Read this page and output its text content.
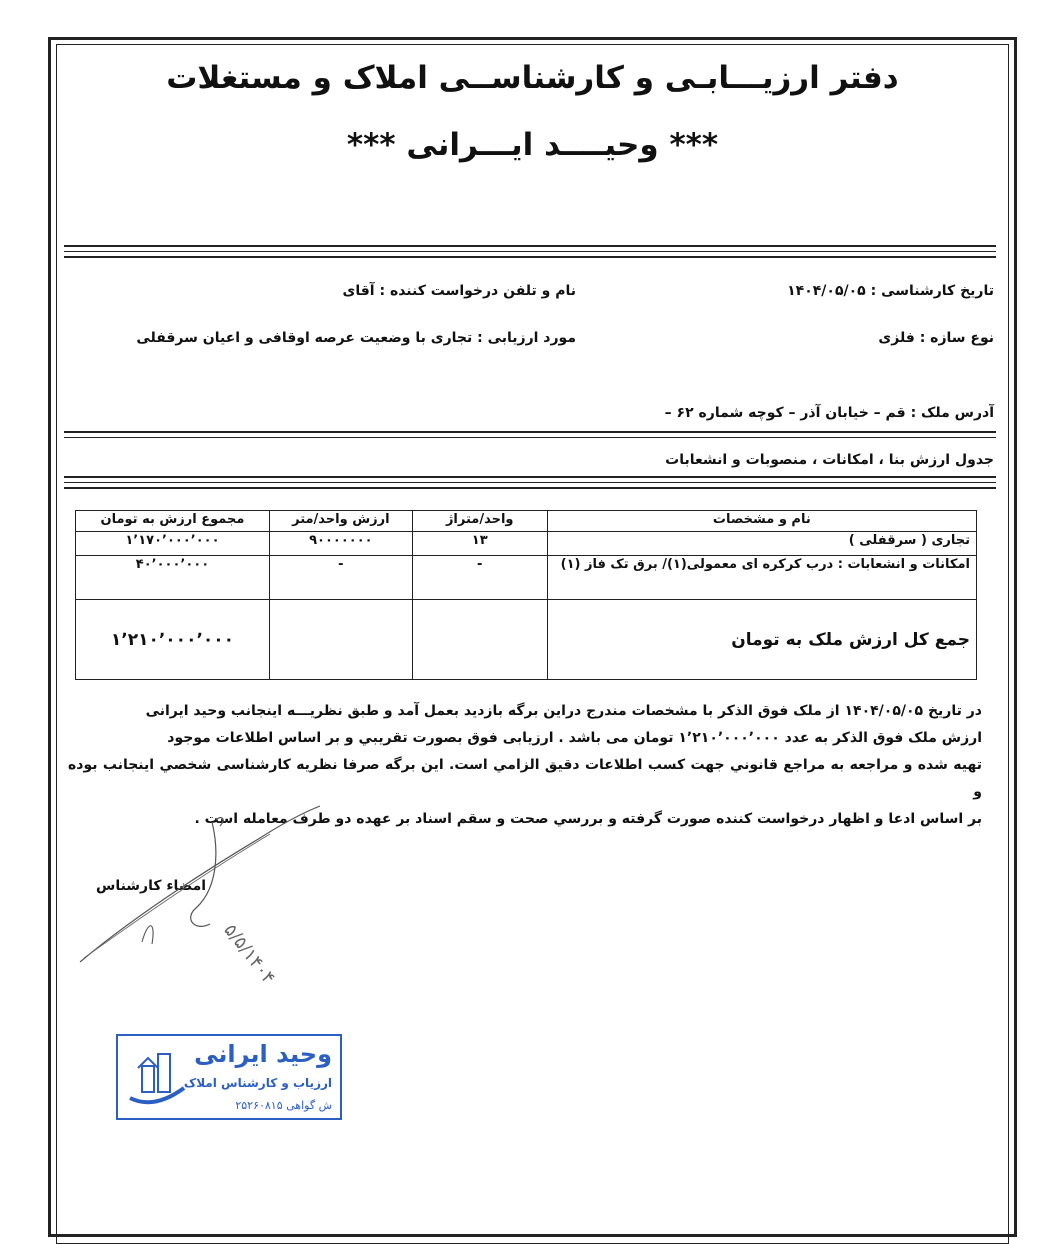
دفتر ارزیـــابـی و کارشناســی املاک و مستغلات
*** وحیــــد ایـــرانی ***
تاریخ کارشناسی : ۱۴۰۴/۰۵/۰۵
نام و تلفن درخواست کننده : آقای
نوع سازه : فلزی
مورد ارزیابی : تجاری با وضعیت عرصه اوقافی و اعیان سرقفلی
آدرس ملک : قم – خیابان آذر – کوچه شماره ۶۲ –
جدول ارزش بنا ، امکانات ، منصوبات و انشعابات
نام و مشخصات	واحد/متراژ	ارزش واحد/متر	مجموع ارزش به تومان
تجاری ( سرقفلی )	۱۳	۹۰۰۰۰۰۰۰	۱٬۱۷۰٬۰۰۰٬۰۰۰
امکانات و انشعابات : درب کرکره ای معمولی(۱)/ برق تک فاز (۱)	-	-	۴۰٬۰۰۰٬۰۰۰
جمع کل ارزش ملک به تومان			۱٬۲۱۰٬۰۰۰٬۰۰۰
در تاریخ ۱۴۰۴/۰۵/۰۵ از ملک فوق الذکر با مشخصات مندرج دراین برگه بازدید بعمل آمد و طبق نظریـــه اینجانب وحید ایرانی
ارزش ملک فوق الذکر به عدد ۱٬۲۱۰٬۰۰۰٬۰۰۰ تومان می باشد . ارزیابی فوق بصورت تقریبي و بر اساس اطلاعات موجود
تهیه شده و مراجعه به مراجع قانوني جهت کسب اطلاعات دقیق الزامي است. این برگه صرفا نظریه کارشناسی شخصي اینجانب بوده و
بر اساس ادعا و اظهار درخواست کننده صورت گرفته و بررسي صحت و سقم اسناد بر عهده دو طرف معامله است .
امضاء کارشناس
۵/۵/۱۴۰۴
وحید ایرانی
ارزیاب و کارشناس املاک
ش گواهی ۲۵۲۶۰۸۱۵
